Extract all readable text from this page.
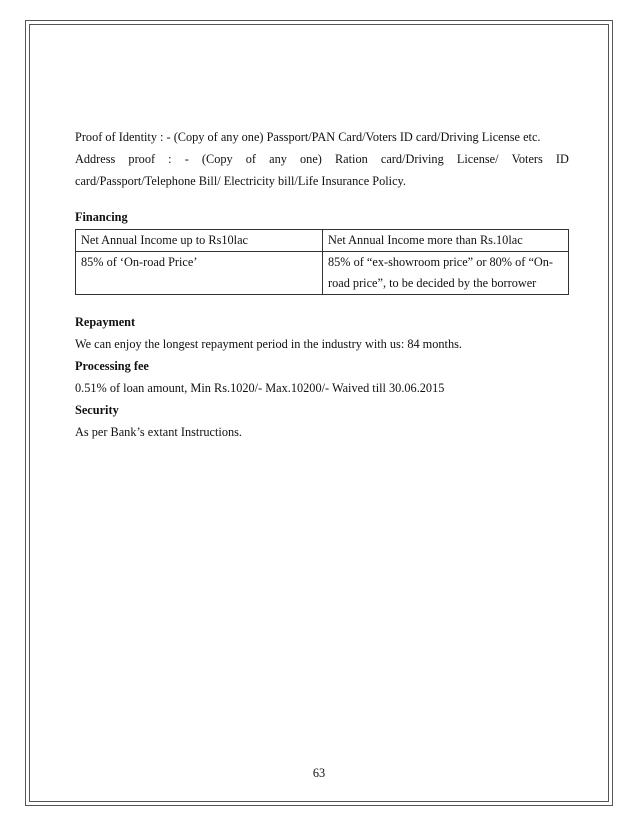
Proof of Identity : - (Copy of any one) Passport/PAN Card/Voters ID card/Driving License etc.
Address proof : - (Copy of any one) Ration card/Driving License/ Voters ID
card/Passport/Telephone Bill/ Electricity bill/Life Insurance Policy.
Financing
Net Annual Income up to Rs10lac	Net Annual Income more than Rs.10lac
85% of ‘On-road Price’	85% of “ex-showroom price” or 80% of “On-
road price”, to be decided by the borrower
Repayment
We can enjoy the longest repayment period in the industry with us: 84 months.
Processing fee
0.51% of loan amount, Min Rs.1020/- Max.10200/- Waived till 30.06.2015
Security
As per Bank’s extant Instructions.
63
